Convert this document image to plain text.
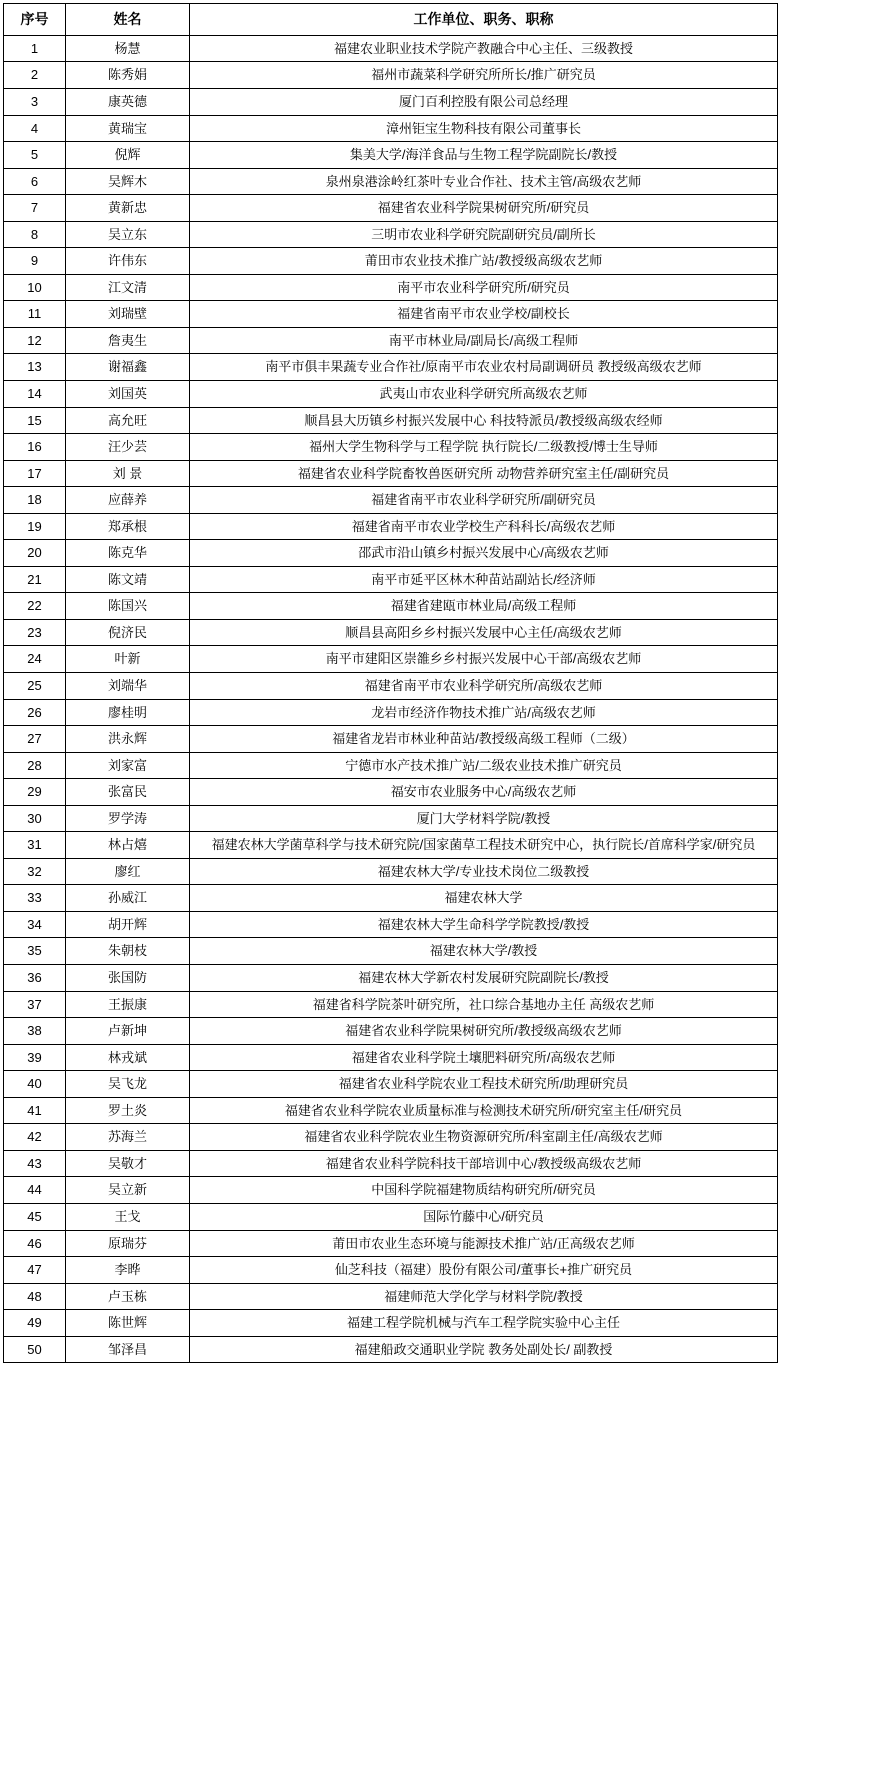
序号	姓名	工作单位、职务、职称
1	杨慧	福建农业职业技术学院产教融合中心主任、三级教授
2	陈秀娟	福州市蔬菜科学研究所所长/推广研究员
3	康英德	厦门百利控股有限公司总经理
4	黄瑞宝	漳州钜宝生物科技有限公司董事长
5	倪辉	集美大学/海洋食品与生物工程学院副院长/教授
6	吴辉木	泉州泉港涂岭红茶叶专业合作社、技术主管/高级农艺师
7	黄新忠	福建省农业科学院果树研究所/研究员
8	吴立东	三明市农业科学研究院副研究员/副所长
9	许伟东	莆田市农业技术推广站/教授级高级农艺师
10	江文清	南平市农业科学研究所/研究员
11	刘瑞壁	福建省南平市农业学校/副校长
12	詹夷生	南平市林业局/副局长/高级工程师
13	谢福鑫	南平市俱丰果蔬专业合作社/原南平市农业农村局副调研员 教授级高级农艺师
14	刘国英	武夷山市农业科学研究所高级农艺师
15	高允旺	顺昌县大历镇乡村振兴发展中心 科技特派员/教授级高级农经师
16	汪少芸	福州大学生物科学与工程学院 执行院长/二级教授/博士生导师
17	刘 景	福建省农业科学院畜牧兽医研究所 动物营养研究室主任/副研究员
18	应薛养	福建省南平市农业科学研究所/副研究员
19	郑承根	福建省南平市农业学校生产科科长/高级农艺师
20	陈克华	邵武市沿山镇乡村振兴发展中心/高级农艺师
21	陈文靖	南平市延平区林木种苗站副站长/经济师
22	陈国兴	福建省建瓯市林业局/高级工程师
23	倪济民	顺昌县高阳乡乡村振兴发展中心主任/高级农艺师
24	叶新	南平市建阳区崇雒乡乡村振兴发展中心干部/高级农艺师
25	刘端华	福建省南平市农业科学研究所/高级农艺师
26	廖桂明	龙岩市经济作物技术推广站/高级农艺师
27	洪永辉	福建省龙岩市林业种苗站/教授级高级工程师（二级）
28	刘家富	宁德市水产技术推广站/二级农业技术推广研究员
29	张富民	福安市农业服务中心/高级农艺师
30	罗学涛	厦门大学材料学院/教授
31	林占熺	福建农林大学菌草科学与技术研究院/国家菌草工程技术研究中心，执行院长/首席科学家/研究员
32	廖红	福建农林大学/专业技术岗位二级教授
33	孙威江	福建农林大学
34	胡开辉	福建农林大学生命科学学院教授/教授
35	朱朝枝	福建农林大学/教授
36	张国防	福建农林大学新农村发展研究院副院长/教授
37	王振康	福建省科学院茶叶研究所，社口综合基地办主任 高级农艺师
38	卢新坤	福建省农业科学院果树研究所/教授级高级农艺师
39	林戎斌	福建省农业科学院土壤肥料研究所/高级农艺师
40	吴飞龙	福建省农业科学院农业工程技术研究所/助理研究员
41	罗土炎	福建省农业科学院农业质量标准与检测技术研究所/研究室主任/研究员
42	苏海兰	福建省农业科学院农业生物资源研究所/科室副主任/高级农艺师
43	吴敬才	福建省农业科学院科技干部培训中心/教授级高级农艺师
44	吴立新	中国科学院福建物质结构研究所/研究员
45	王戈	国际竹藤中心/研究员
46	原瑞芬	莆田市农业生态环境与能源技术推广站/正高级农艺师
47	李晔	仙芝科技（福建）股份有限公司/董事长+推广研究员
48	卢玉栋	福建师范大学化学与材料学院/教授
49	陈世辉	福建工程学院机械与汽车工程学院实验中心主任
50	邹泽昌	福建船政交通职业学院 教务处副处长/ 副教授
